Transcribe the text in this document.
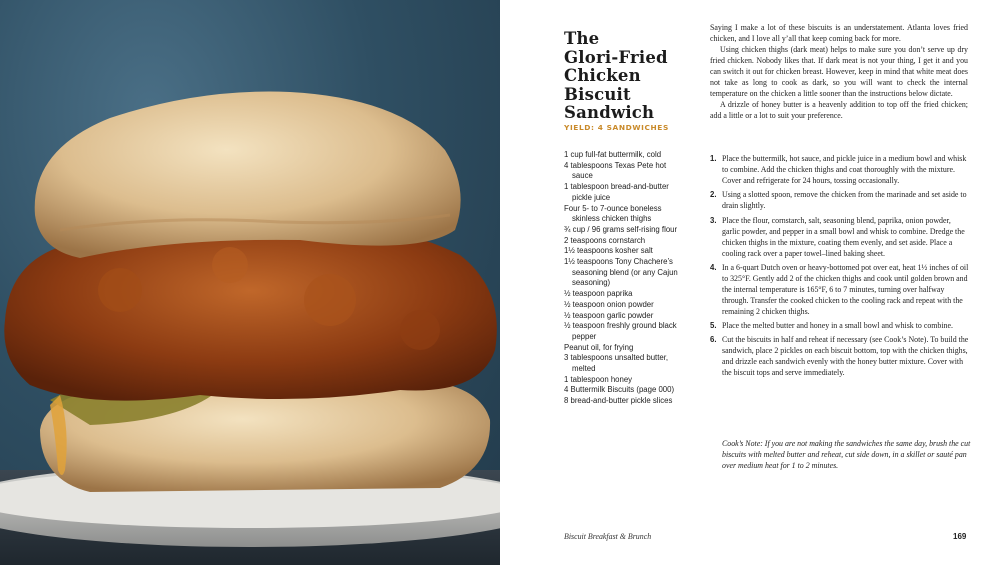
The
Glori-Fried
Chicken
Biscuit
Sandwich
YIELD: 4 SANDWICHES
1 cup full-fat buttermilk, cold
4 tablespoons Texas Pete hot sauce
1 tablespoon bread-and-butter pickle juice
Four 5- to 7-ounce boneless skinless chicken thighs
¾ cup / 96 grams self-rising flour
2 teaspoons cornstarch
1½ teaspoons kosher salt
1½ teaspoons Tony Chachere’s seasoning blend (or any Cajun seasoning)
½ teaspoon paprika
½ teaspoon onion powder
½ teaspoon garlic powder
½ teaspoon freshly ground black pepper
Peanut oil, for frying
3 tablespoons unsalted butter, melted
1 tablespoon honey
4 Buttermilk Biscuits (page 000)
8 bread-and-butter pickle slices

Saying I make a lot of these biscuits is an understatement. Atlanta loves fried chicken, and I love all y’all that keep coming back for more.

Using chicken thighs (dark meat) helps to make sure you don’t serve up dry fried chicken. Nobody likes that. If dark meat is not your thing, I get it and you can switch it out for chicken breast. However, keep in mind that white meat does not take as long to cook as dark, so you will want to check the internal temperature on the chicken a little sooner than the instructions below dictate.

A drizzle of honey butter is a heavenly addition to top off the fried chicken; add a little or a lot to suit your preference.

1. Place the buttermilk, hot sauce, and pickle juice in a medium bowl and whisk to combine. Add the chicken thighs and coat thoroughly with the mixture. Cover and refrigerate for 24 hours, tossing occasionally.
2. Using a slotted spoon, remove the chicken from the marinade and set aside to drain slightly.
3. Place the flour, cornstarch, salt, seasoning blend, paprika, onion powder, garlic powder, and pepper in a small bowl and whisk to combine. Dredge the chicken thighs in the mixture, coating them evenly, and set aside. Place a cooling rack over a paper towel–lined baking sheet.
4. In a 6-quart Dutch oven or heavy-bottomed pot over eat, heat 1½ inches of oil to 325°F. Gently add 2 of the chicken thighs and cook until golden brown and the internal temperature is 165°F, 6 to 7 minutes, turning over halfway through. Transfer the cooked chicken to the cooling rack and repeat with the remaining 2 chicken thighs.
5. Place the melted butter and honey in a small bowl and whisk to combine.
6. Cut the biscuits in half and reheat if necessary (see Cook’s Note). To build the sandwich, place 2 pickles on each biscuit bottom, top with the chicken thighs, and drizzle each sandwich evenly with the honey butter mixture. Cover with the biscuit tops and serve immediately.

Cook’s Note: If you are not making the sandwiches the same day, brush the cut biscuits with melted butter and reheat, cut side down, in a skillet or sauté pan over medium heat for 1 to 2 minutes.

Biscuit Breakfast & Brunch	169
